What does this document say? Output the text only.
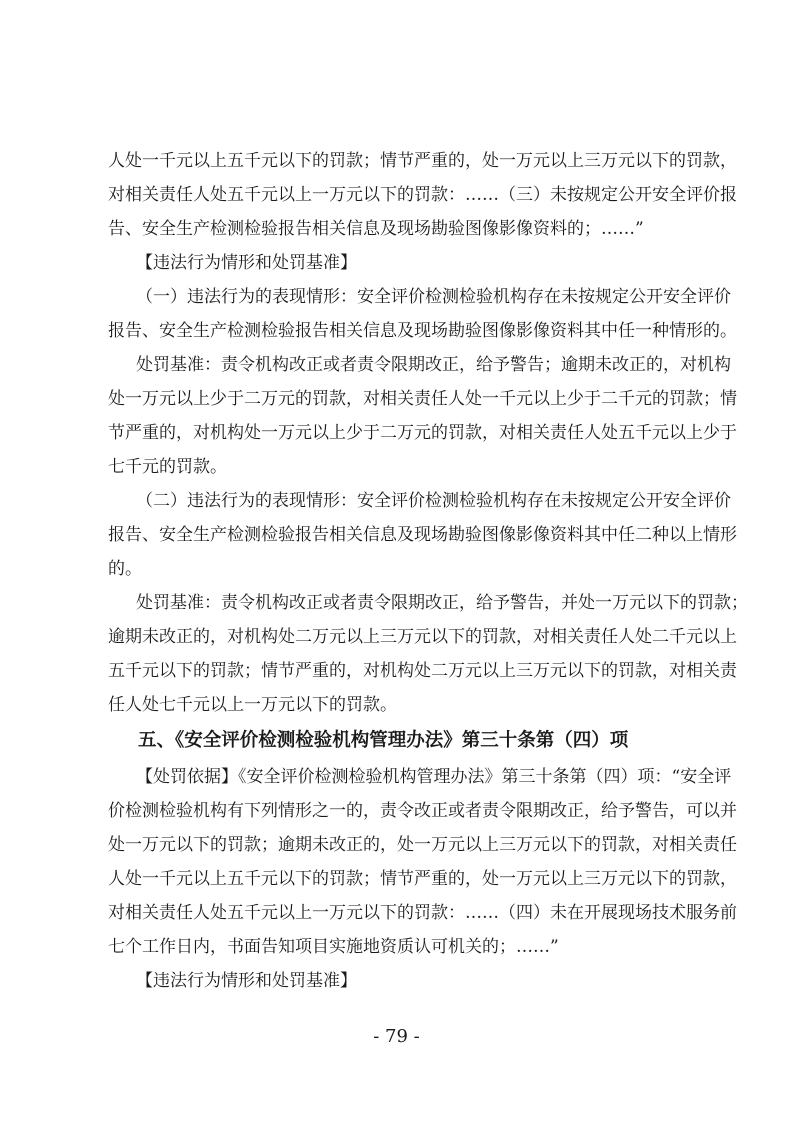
人处一千元以上五千元以下的罚款；情节严重的，处一万元以上三万元以下的罚款，
对相关责任人处五千元以上一万元以下的罚款：……（三）未按规定公开安全评价报
告、安全生产检测检验报告相关信息及现场勘验图像影像资料的；……”
【违法行为情形和处罚基准】
（一）违法行为的表现情形：安全评价检测检验机构存在未按规定公开安全评价
报告、安全生产检测检验报告相关信息及现场勘验图像影像资料其中任一种情形的。
处罚基准：责令机构改正或者责令限期改正，给予警告；逾期未改正的，对机构
处一万元以上少于二万元的罚款，对相关责任人处一千元以上少于二千元的罚款；情
节严重的，对机构处一万元以上少于二万元的罚款，对相关责任人处五千元以上少于
七千元的罚款。
（二）违法行为的表现情形：安全评价检测检验机构存在未按规定公开安全评价
报告、安全生产检测检验报告相关信息及现场勘验图像影像资料其中任二种以上情形
的。
处罚基准：责令机构改正或者责令限期改正，给予警告，并处一万元以下的罚款；
逾期未改正的，对机构处二万元以上三万元以下的罚款，对相关责任人处二千元以上
五千元以下的罚款；情节严重的，对机构处二万元以上三万元以下的罚款，对相关责
任人处七千元以上一万元以下的罚款。
五、《安全评价检测检验机构管理办法》第三十条第（四）项
【处罚依据】《安全评价检测检验机构管理办法》第三十条第（四）项：“安全评
价检测检验机构有下列情形之一的，责令改正或者责令限期改正，给予警告，可以并
处一万元以下的罚款；逾期未改正的，处一万元以上三万元以下的罚款，对相关责任
人处一千元以上五千元以下的罚款；情节严重的，处一万元以上三万元以下的罚款，
对相关责任人处五千元以上一万元以下的罚款：……（四）未在开展现场技术服务前
七个工作日内，书面告知项目实施地资质认可机关的；……”
【违法行为情形和处罚基准】
- 79 -
